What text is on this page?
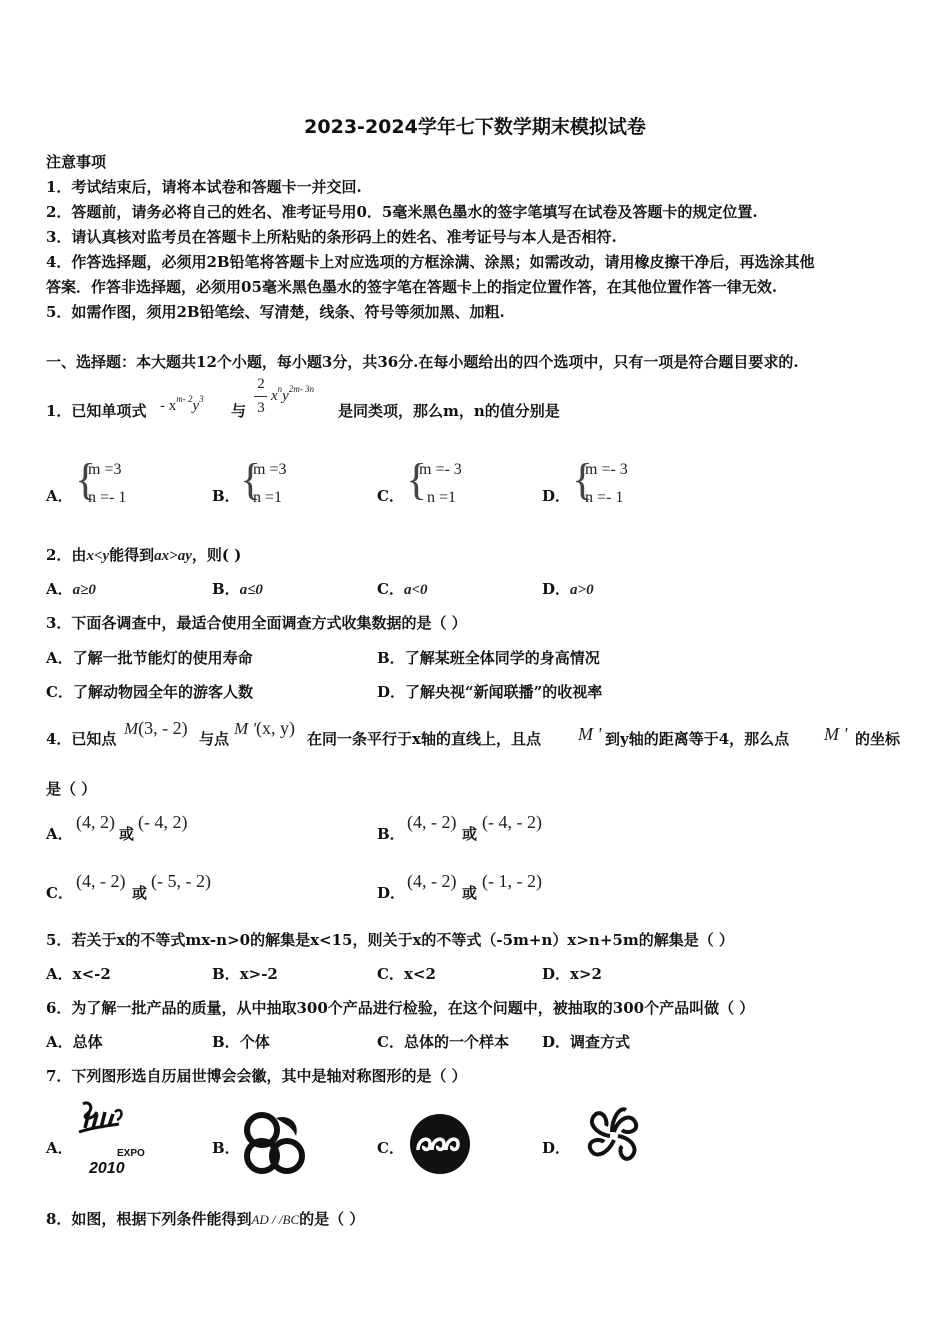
2023-2024学年七下数学期末模拟试卷
注意事项
1．考试结束后，请将本试卷和答题卡一并交回.
2．答题前，请务必将自己的姓名、准考证号用0．5毫米黑色墨水的签字笔填写在试卷及答题卡的规定位置.
3．请认真核对监考员在答题卡上所粘贴的条形码上的姓名、准考证号与本人是否相符.
4．作答选择题，必须用2B铅笔将答题卡上对应选项的方框涂满、涂黑；如需改动，请用橡皮擦干净后，再选涂其他
答案．作答非选择题，必须用05毫米黑色墨水的签字笔在答题卡上的指定位置作答，在其他位置作答一律无效.
5．如需作图，须用2B铅笔绘、写清楚，线条、符号等须加黑、加粗.
一、选择题：本大题共12个小题，每小题3分，共36分.在每小题给出的四个选项中，只有一项是符合题目要求的.
1．已知单项式 - $x^{m- 2}y^3$
与
2
3
$x^ny^{2m- 3n}$
是同类项，那么m，n的值分别是
A． {
m =3
n =- 1	B． {
m =3
n =1	C． {
m =- 3
n =1	D． {
m =- 3
n =- 1
2．由x<y能得到ax>ay，则( )
A．a≥0	B．a≤0	C．a<0	D．a>0
3．下面各调查中，最适合使用全面调查方式收集数据的是（ ）
A．了解一批节能灯的使用寿命	B．了解某班全体同学的身高情况
C．了解动物园全年的游客人数	D．了解央视“新闻联播”的收视率
4．已知点
M(3, - 2)
与点
M '(x, y)
在同一条平行于x轴的直线上，且点 M ' 到y轴的距离等于4，那么点 M ' 的坐标
是（ ）
A．
(4, 2)
或
(- 4, 2)
B．
(4, - 2)
或
(- 4, - 2)
C．
(4, - 2)
或
(- 5, - 2)
D．
(4, - 2)
或
(- 1, - 2)
5．若关于x的不等式mx-n>0的解集是x<15，则关于x的不等式（-5m+n）x>n+5m的解集是（ ）
A．x<-2	B．x>-2	C．x<2	D．x>2
6．为了解一批产品的质量，从中抽取300个产品进行检验，在这个问题中，被抽取的300个产品叫做（ ）
A．总体	B．个体	C．总体的一个样本 D．调查方式
7．下列图形选自历届世博会会徽，其中是轴对称图形的是（ ）
A．	EXPO
2010
B．	C．	D．
8．如图，根据下列条件能得到AD / /BC的是（ ）
